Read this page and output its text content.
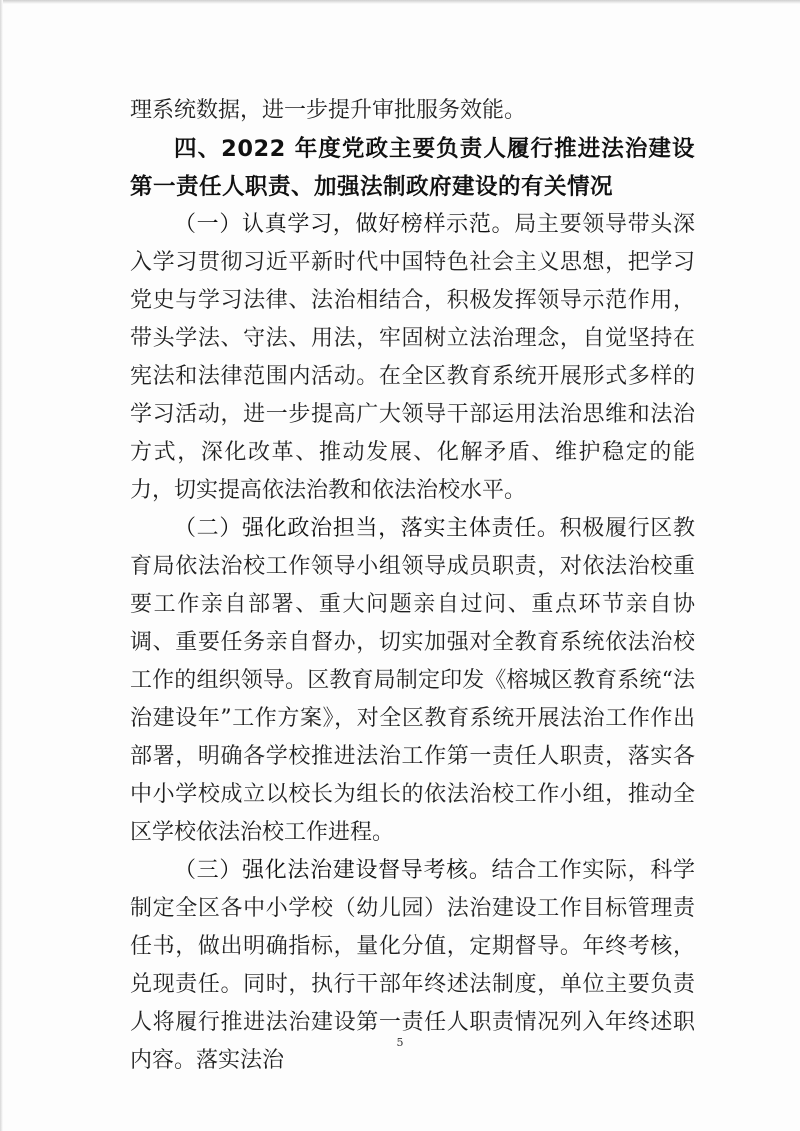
理系统数据，进一步提升审批服务效能。

四、2022 年度党政主要负责人履行推进法治建设第一责任人职责、加强法制政府建设的有关情况

（一）认真学习，做好榜样示范。局主要领导带头深入学习贯彻习近平新时代中国特色社会主义思想，把学习党史与学习法律、法治相结合，积极发挥领导示范作用，带头学法、守法、用法，牢固树立法治理念，自觉坚持在宪法和法律范围内活动。在全区教育系统开展形式多样的学习活动，进一步提高广大领导干部运用法治思维和法治方式，深化改革、推动发展、化解矛盾、维护稳定的能力，切实提高依法治教和依法治校水平。

（二）强化政治担当，落实主体责任。积极履行区教育局依法治校工作领导小组领导成员职责，对依法治校重要工作亲自部署、重大问题亲自过问、重点环节亲自协调、重要任务亲自督办，切实加强对全教育系统依法治校工作的组织领导。区教育局制定印发《榕城区教育系统“法治建设年”工作方案》，对全区教育系统开展法治工作作出部署，明确各学校推进法治工作第一责任人职责，落实各中小学校成立以校长为组长的依法治校工作小组，推动全区学校依法治校工作进程。

（三）强化法治建设督导考核。结合工作实际，科学制定全区各中小学校（幼儿园）法治建设工作目标管理责任书，做出明确指标，量化分值，定期督导。年终考核，兑现责任。同时，执行干部年终述法制度，单位主要负责人将履行推进法治建设第一责任人职责情况列入年终述职内容。落实法治

5
